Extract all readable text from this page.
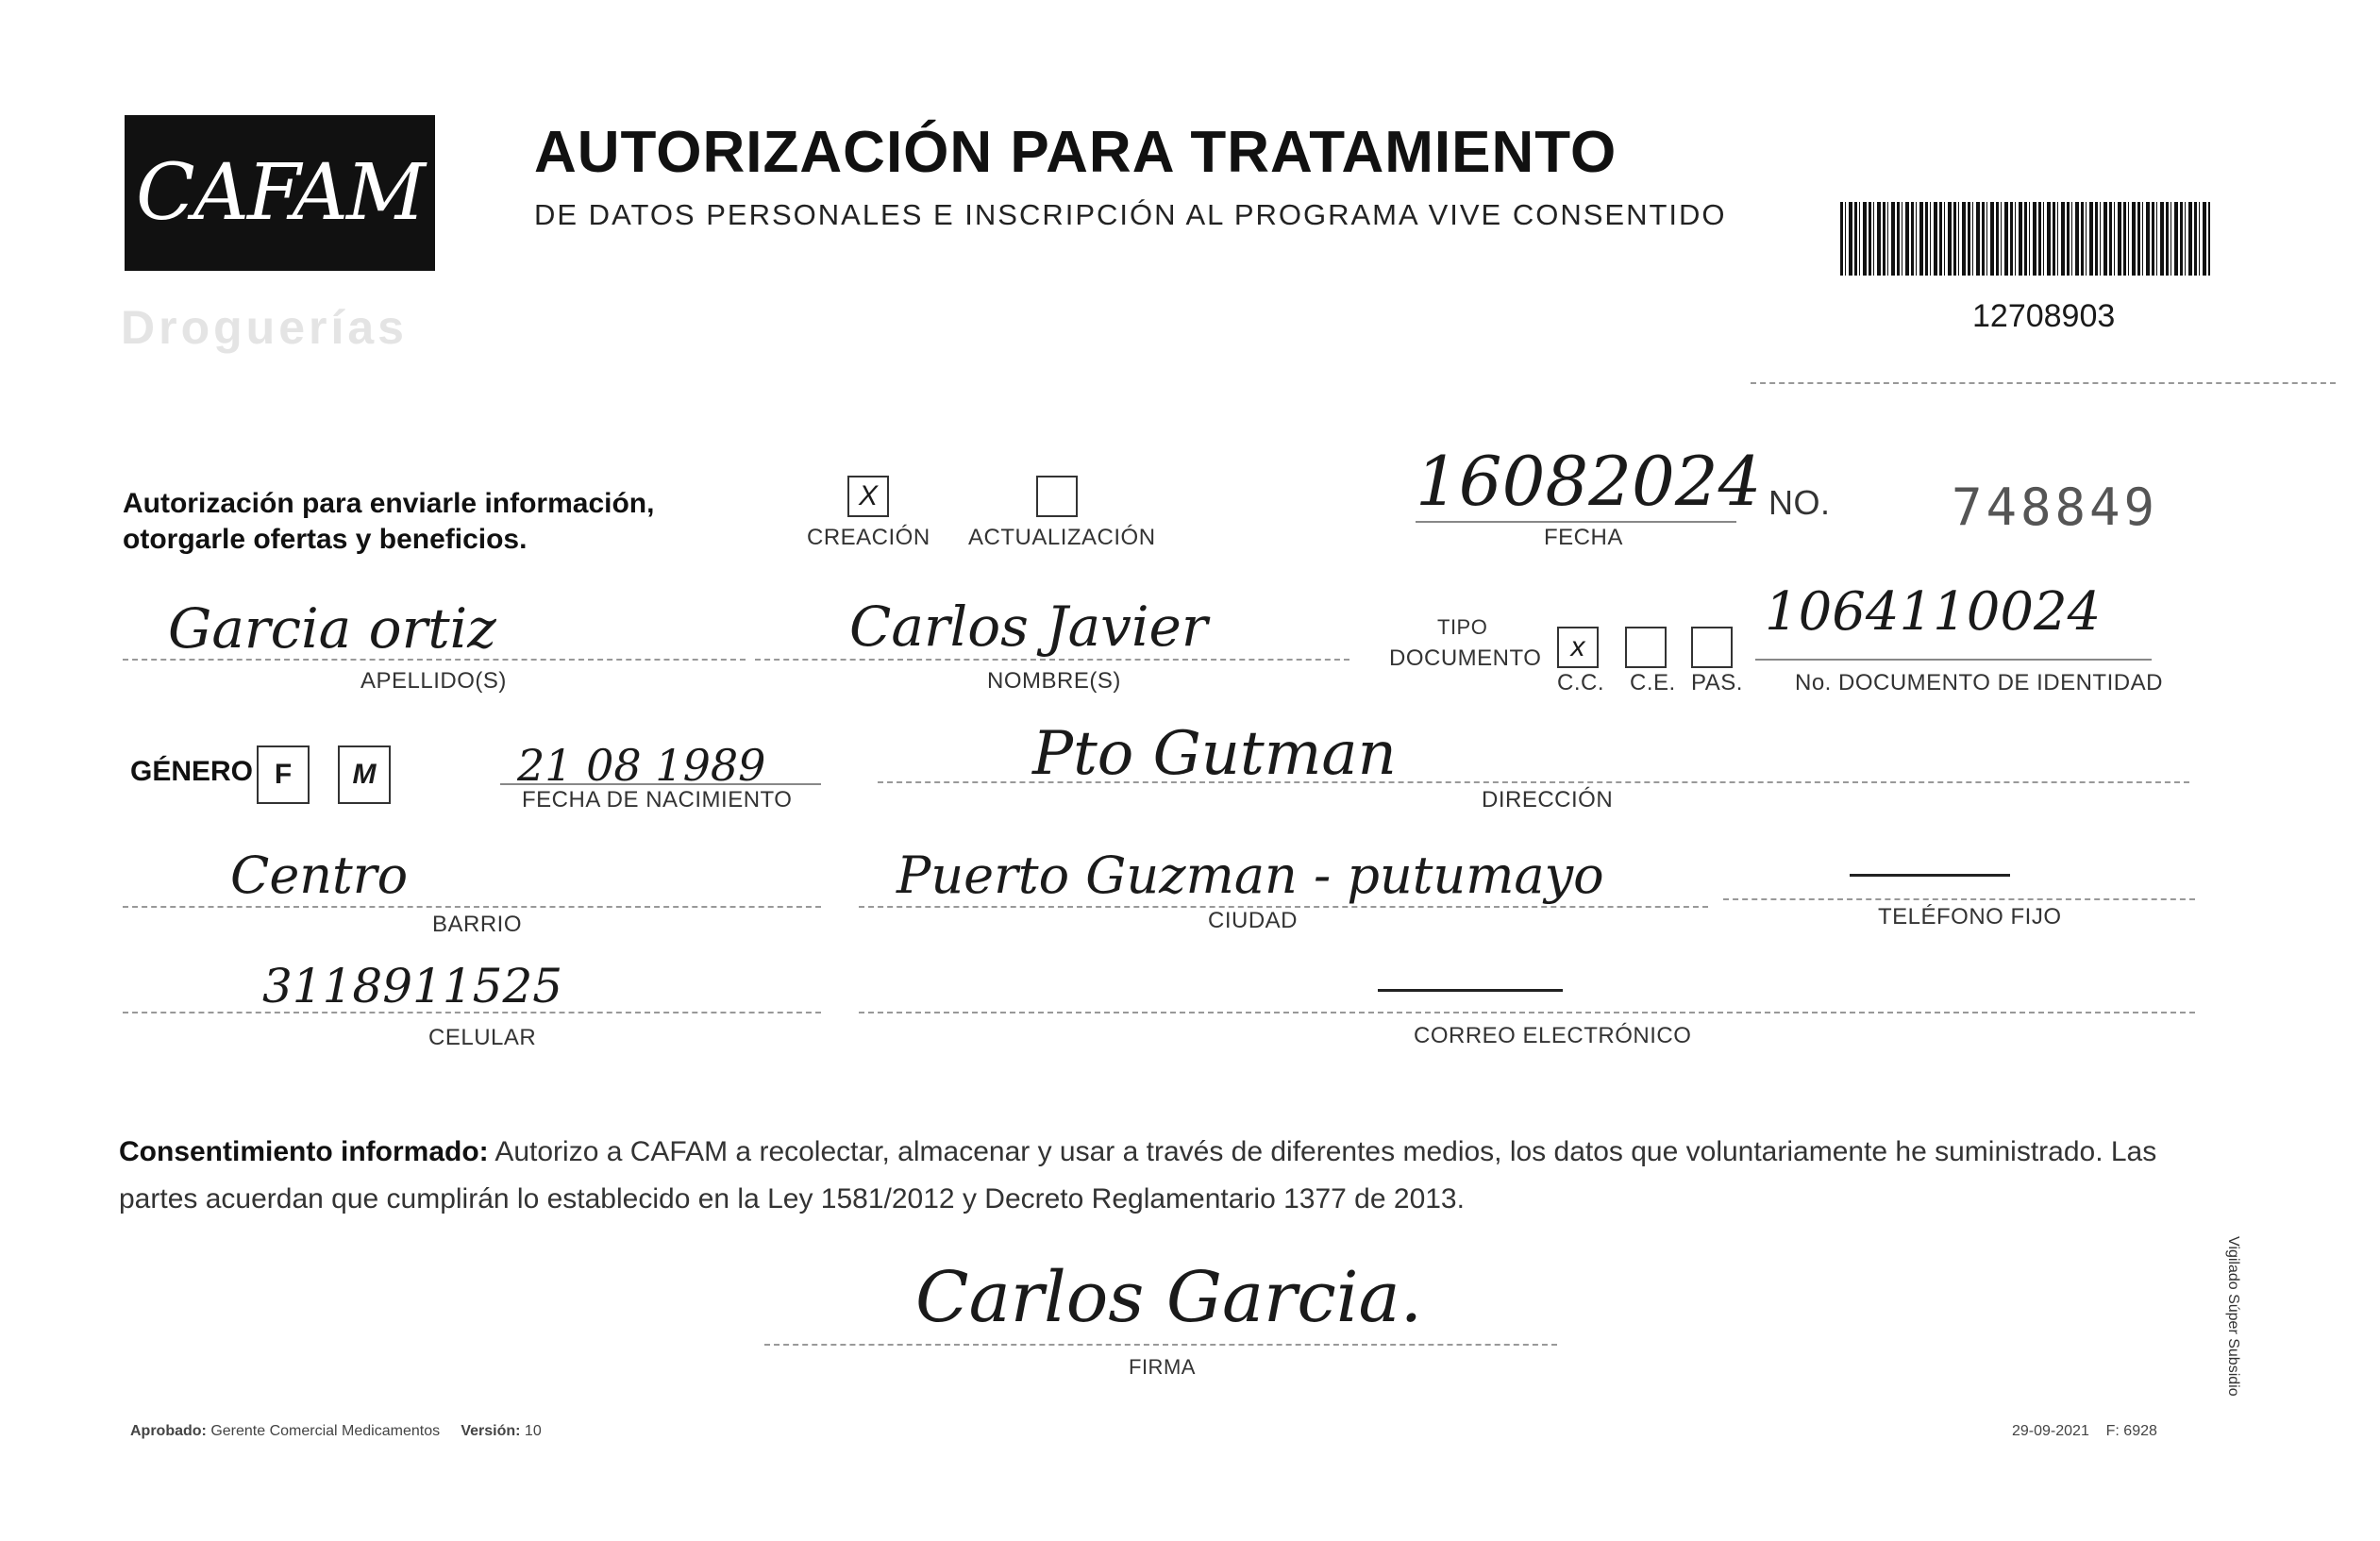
CAFAM
Droguerías
AUTORIZACIÓN PARA TRATAMIENTO
DE DATOS PERSONALES E INSCRIPCIÓN AL PROGRAMA VIVE CONSENTIDO
12708903
Autorización para enviarle información,
otorgarle ofertas y beneficios.
X
CREACIÓN ACTUALIZACIÓN
16082024
FECHA
NO. 748849
Garcia ortiz
APELLIDO(S)
Carlos Javier
NOMBRE(S)
TIPO
DOCUMENTO x
C.C. C.E. PAS.
1064110024
No. DOCUMENTO DE IDENTIDAD
GÉNERO F M	21 08 1989
FECHA DE NACIMIENTO
Pto Gutman
DIRECCIÓN
Centro
BARRIO
Puerto Guzman - putumayo
CIUDAD	TELÉFONO FIJO
3118911525
CELULAR	CORREO ELECTRÓNICO
Consentimiento informado: Autorizo a CAFAM a recolectar, almacenar y usar a través de diferentes medios, los datos que voluntariamente he suministrado. Las partes acuerdan que cumplirán lo establecido en la Ley 1581/2012 y Decreto Reglamentario 1377 de 2013.
Carlos Garcia.
FIRMA
Aprobado: Gerente Comercial Medicamentos Versión: 10	29-09-2021 F: 6928
Vigilado Súper Subsidio
